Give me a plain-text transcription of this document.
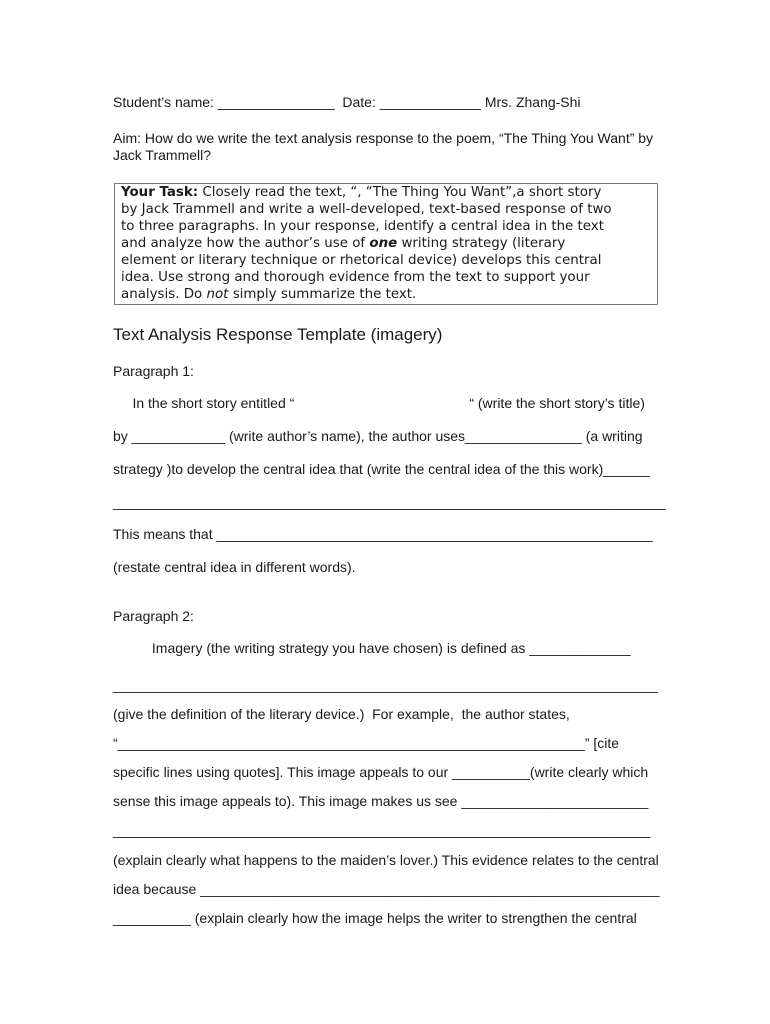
Student’s name: _______________  Date: _____________ Mrs. Zhang-Shi
Aim: How do we write the text analysis response to the poem, “The Thing You Want” by Jack Trammell?
Your Task: Closely read the text, “, “The Thing You Want”,a short story
by Jack Trammell and write a well-developed, text-based response of two
to three paragraphs. In your response, identify a central idea in the text
and analyze how the author’s use of one writing strategy (literary
element or literary technique or rhetorical device) develops this central
idea. Use strong and thorough evidence from the text to support your
analysis. Do not simply summarize the text.
Text Analysis Response Template (imagery)
Paragraph 1:
In the short story entitled “                                             “ (write the short story’s title)
by ____________ (write author’s name), the author uses_______________ (a writing
strategy )to develop the central idea that (write the central idea of the this work)______
_______________________________________________________________________
This means that ________________________________________________________
(restate central idea in different words).
Paragraph 2:
Imagery (the writing strategy you have chosen) is defined as _____________
______________________________________________________________________
(give the definition of the literary device.)  For example,  the author states,
“____________________________________________________________” [cite
specific lines using quotes]. This image appeals to our __________(write clearly which
sense this image appeals to). This image makes us see ________________________
_____________________________________________________________________
(explain clearly what happens to the maiden’s lover.) This evidence relates to the central
idea because ___________________________________________________________
__________ (explain clearly how the image helps the writer to strengthen the central
